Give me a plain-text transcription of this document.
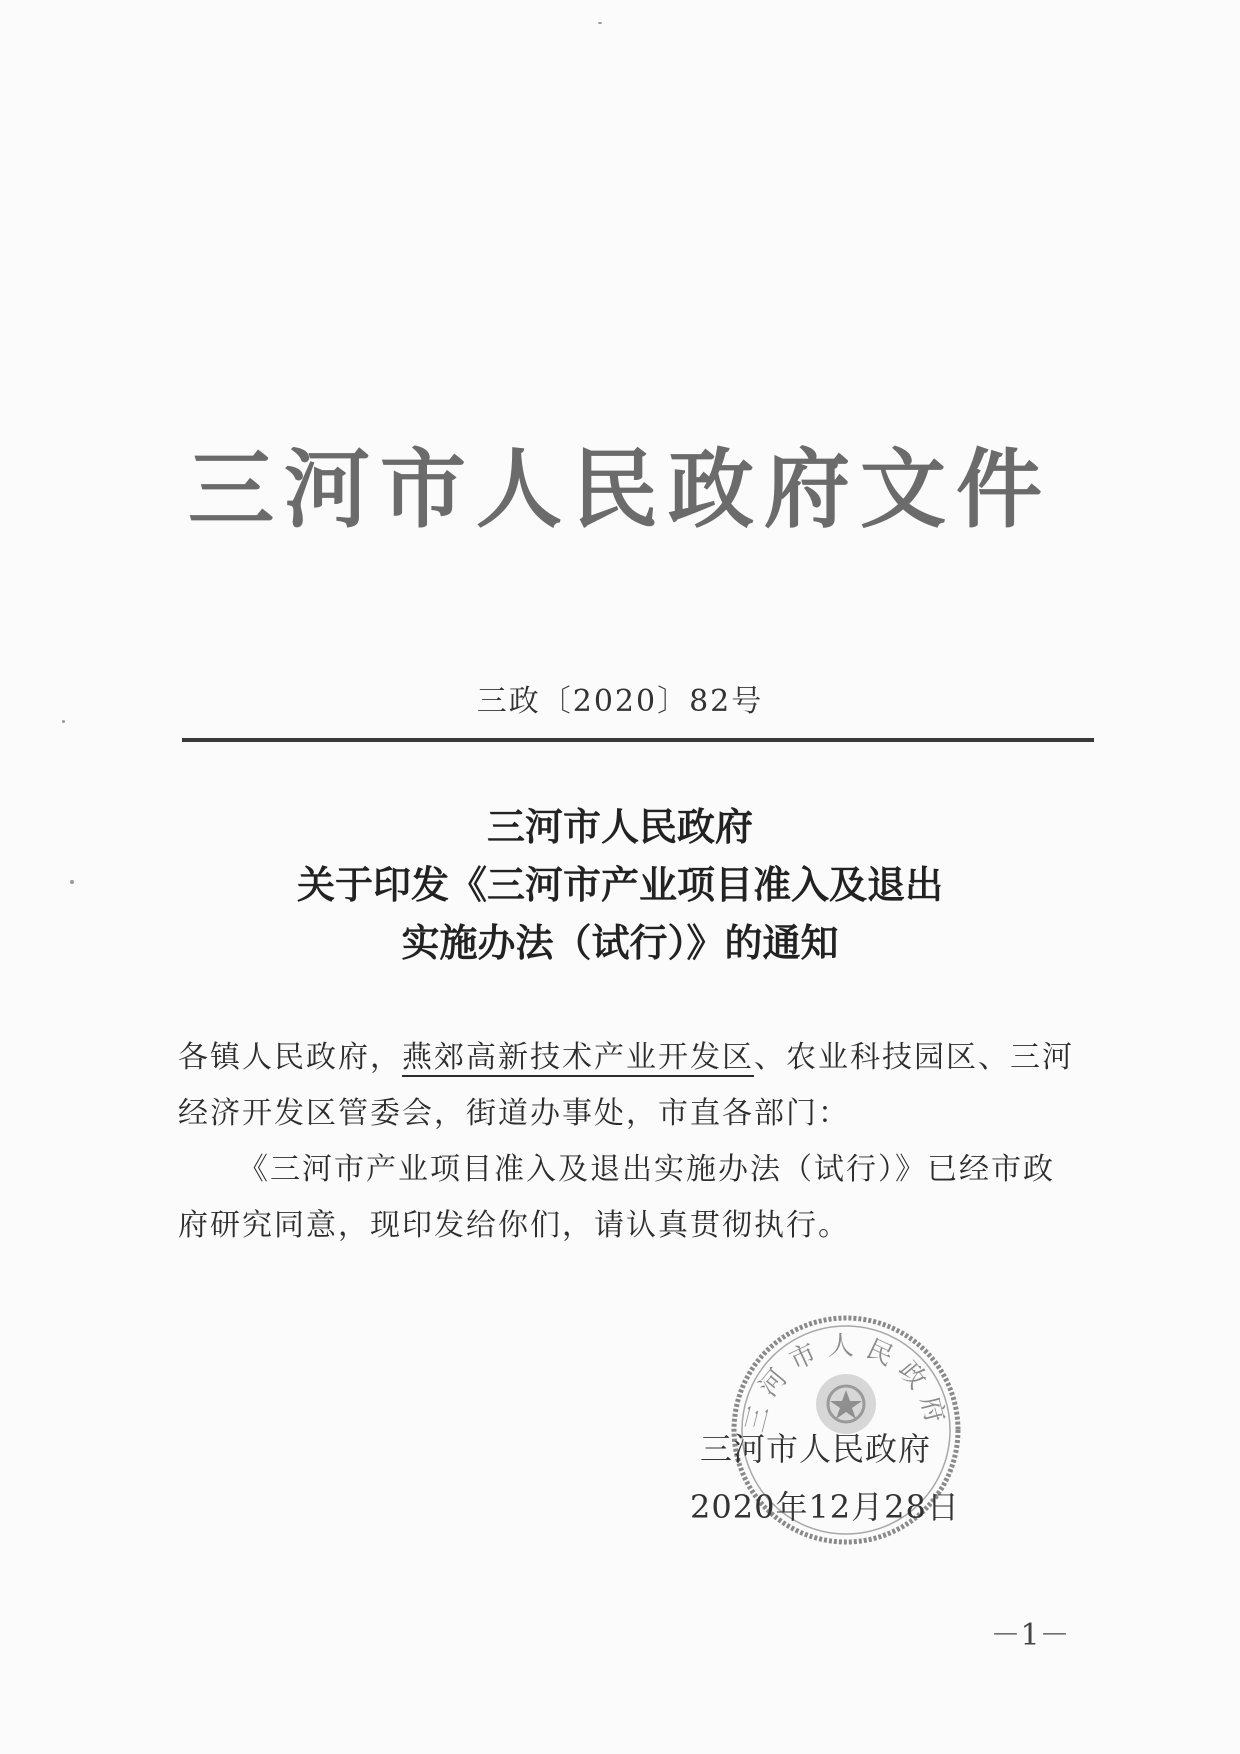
三河市人民政府文件
三政〔2020〕82号
三河市人民政府
关于印发《三河市产业项目准入及退出
实施办法（试行）》的通知

各镇人民政府，燕郊高新技术产业开发区、农业科技园区、三河经济开发区管委会，街道办事处，市直各部门：

《三河市产业项目准入及退出实施办法（试行）》已经市政府研究同意，现印发给你们，请认真贯彻执行。

三河市人民政府
三河市人民政府
2020年12月28日
－1－
